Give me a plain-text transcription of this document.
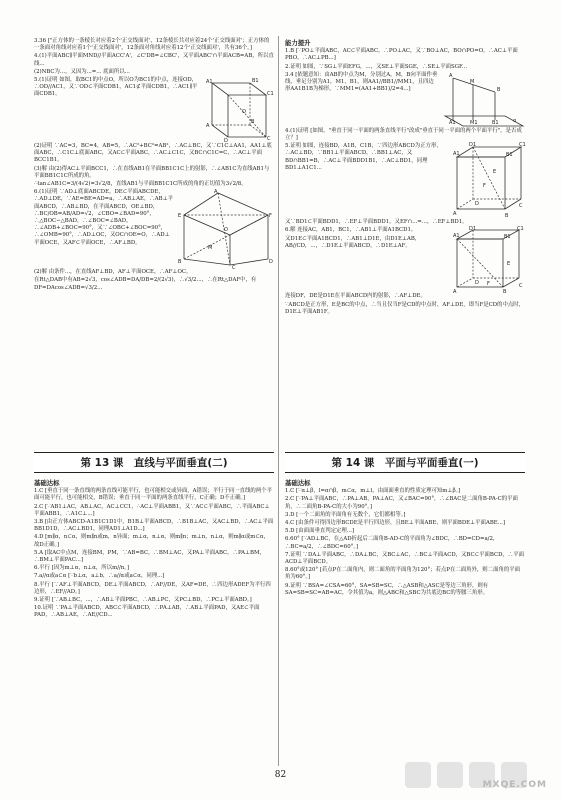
3.36 ["正方体的一条棱长对应着2个'正交线面对'，12条棱长共对应着24个'正交线面对'；正方体的一条面对角线对应着1个'正交线面对'，12条面对角线对应着12个'正交线面对'，共有36个。]
4.(1)平面ABC∥平面MND//平面ACC'A'，∠C'DB=∠CBC'，又平面ABC'∩平面ACB=AB，所以直线...
(2)NBC为...，又因为...=... 底面所以...
5.(1)证明 如图，取BC1的中点O，所以O为BC1的中点，连接OD，∴OD//AC1，又∵OD⊂平面CDB1，AC1⊄平面CDB1，∴AC1∥平面CDB1。
A1	B1
C1
A
B
C
D
O
(2)证明 ∵AC=3，BC=4，AB=5，∴AC²+BC²=AB²，∴AC⊥BC，又∵C1C⊥AA1，AA1⊥底面ABC，∴C1C⊥底面ABC，又AC⊂平面ABC，∴AC⊥C1C，又BC∩C1C=C，∴AC⊥平面BCC1B1。
(3)解 由(2)得AC⊥平面BCC1，∴在直线AB1在平面BB1C1C上的射影，∴∠AB1C为直线AB1与平面BB1C1C所成的角。
∴tan∠AB1C=3/(4√2)=3√2/8，直线AB1与平面BB1C1C所成的角的正切值为3√2/8。
6.(1)证明 ∵AD⊥底面ABCDE，DE⊂平面ABCDE，∴AD⊥DE，∵AE=BE=AD=a，∴AB⊥AE，∴AB⊥平面ABCD，∴AB⊥BD，在平面ABCD，OE⊥BD，∴BC/OB=AB/AD=√2，∠CBO=∠BAD=90°，∴△BOC∽△BAD，∴∠BOC=∠BAD，∴∠ADB+∠BOC=90°，又∵∠OBC+∠BOC=90°，∴∠OMB=90°，∴AD⊥OC，又OC∩OE=O，∴AD⊥平面OCE，又AF⊂平面OCE，∴AF⊥BD。
A
E
O
B
C
F
D
M
(2)解 由条件...，在直线AF⊥BD，AF⊥平面OCE，∴AF⊥OC。
在Rt△DAB中有AB=2√3，cos∠ADB=DA/DB=2/(2√3)，∴√3/2...，∴在Rt△DAF中，有DF=DAcos∠ADB=√3/2...
能力提升
1.B [∵PO⊥平面ABC，AC⊂平面ABC，∴PO⊥AC，又∵BO⊥AC，BO∩PO=O，∴AC⊥平面PBO，∴AC⊥PB...]
2.证明 如图，∵SG⊥平面EFG，...，又SE⊥平面SGE，∴SE⊥平面SGF...
3.4 [依题意知：由AB的中点为M，分别过A，M，B向平面作垂线，垂足分别为A1，M1，B1，则AA1//BB1//MM1，且四边形AA1B1B为梯形，∵MM1=(AA1+BB1)/2=4...]
A
M
B
A1	M1	B1	α
4.(1)证明 [如图，"垂直于同一平面的两条直线平行"改成"垂直于同一平面的两个平面平行"，是否成立？]
5.证明 如图，连接BD，A1B，C1B，∵四边形ABCD为正方形，∴AC⊥BD，∵BB1⊥平面ABCD，∴BB1⊥AC，又BD∩BB1=B，∴AC⊥平面BDD1B1，∴AC⊥BD1，同理BD1⊥A1C1...
A1	B1
C1
D1
A	B
C
D
E
F
又∵BD1⊂平面BDD1，∴EF⊥平面BDD1，又EF∩...=...，∴EF⊥BD1。
6.解 连接AC，AB1，BC1，∴AB1⊥平面A1BCD1。
又D1E⊂平面A1BCD1，∴AB1⊥D1E，由D1E⊥AB，AB//CD，...，∴D1E⊥平面ABCD，∴D1E⊥AF。
A1	B1
C1
D1
A	B
C
D
E
F
连接DF，DE是D1E在平面ABCD内的射影，∴AF⊥DE。
∵ABCD是正方形，E是BC的中点，∴当且仅当F是CD的中点时，AF⊥DE，即当F是CD的中点时，D1E⊥平面AB1F。
第 13 课　直线与平面垂直(二)	第 14 课　平面与平面垂直(一)
基础达标
1.C [垂直于同一条直线的两条直线可能平行，也可能相交或异面，A错误；平行于同一直线的两个平面可能平行，也可能相交，B错误；垂直于同一平面的两条直线平行，C正确；D不正确。]
2.C [∵AB1⊥AC，AB⊥AC，AC⊥CC1，∴AC⊥平面ABB1，又∵AC⊂平面ABC，∴平面ABC⊥平面ABB1，∴A1C⊥...]
3.B [由正方体ABCD-A1B1C1D1中，B1B⊥平面ABCD，∴B1B⊥AC，又AC⊥BD，∴AC⊥平面BB1D1D，∴AC⊥BD1，同理AD1⊥A1D...]
4.D [m∥α，n⊂α，则m∥n或m，n异面；m⊥α，n⊥α，则m∥n；m⊥n，n⊥α，则m∥α或m⊂α，故D正确。]
5.A [取AC中点M，连接BM，PM，∵AB=BC，∴BM⊥AC，又PA⊥平面ABC，∴PA⊥BM，∴BM⊥平面PAC...]
6.平行 [因为m⊥α，n⊥α，所以m//n。]
7.a//α或a⊂α [∵b⊥α，a⊥b，∴a//α或a⊂α，同理...]
8.平行 [∵AF⊥平面ABCD，DE⊥平面ABCD，∴AF//DE，又AF=DE，∴四边形ADEF为平行四边形，∴EF//AD。]
9.证明 [∵AB⊥BC，...，∴AB⊥平面PBC，∴AB⊥PC，又PC⊥BD，∴PC⊥平面ABD。]
10.证明 ∵PA⊥平面ABCD，ABC⊂平面ABCD，∴PA⊥AB，∴AB⊥平面PAD，又AE⊂平面PAD，∴AB⊥AE，∴AE//CD...
基础达标
1.C [∵α⊥β，l=α∩β，m⊂α，m⊥l，由面面垂直的性质定理可知m⊥β。]
2.C [∵PA⊥平面ABC，∴PA⊥AB，PA⊥AC，又∠BAC=90°，∴∠BAC是二面角B-PA-C的平面角，∴二面角B-PA-C的大小为90°。]
3.D [一个二面角的平面角有无数个，它们都相等。]
4.C [由条件可得四边形BCDE是平行四边形，且BE⊥平面ABE，则平面BDE⊥平面ABE...]
5.D [由面面垂直判定定理...]
6.60° [∵AD⊥BC，在△AD折起后二面角B-AD-C的平面角为∠BDC，∴BD=CD=a/2，∴BC=a/2，∴∠BDC=60°。]
7.证明 ∵DA⊥平面ABC，∴DA⊥BC，又BC⊥AC，∴BC⊥平面ACD，又BC⊂平面BCD，∴平面ACD⊥平面BCD。
8.60°或120° [若点P在二面角内，则二面角的平面角为120°；若点P在二面角外，则二面角的平面角为60°。]
9.证明 ∵BSA=∠CSA=60°，SA=SB=SC，∴△ASB和△ASC是等边三角形，则有SA=SB=SC=AB=AC，令其值为a，则△ABC和△SBC为共底边BC的等腰三角形。
82
MXQE.COM
